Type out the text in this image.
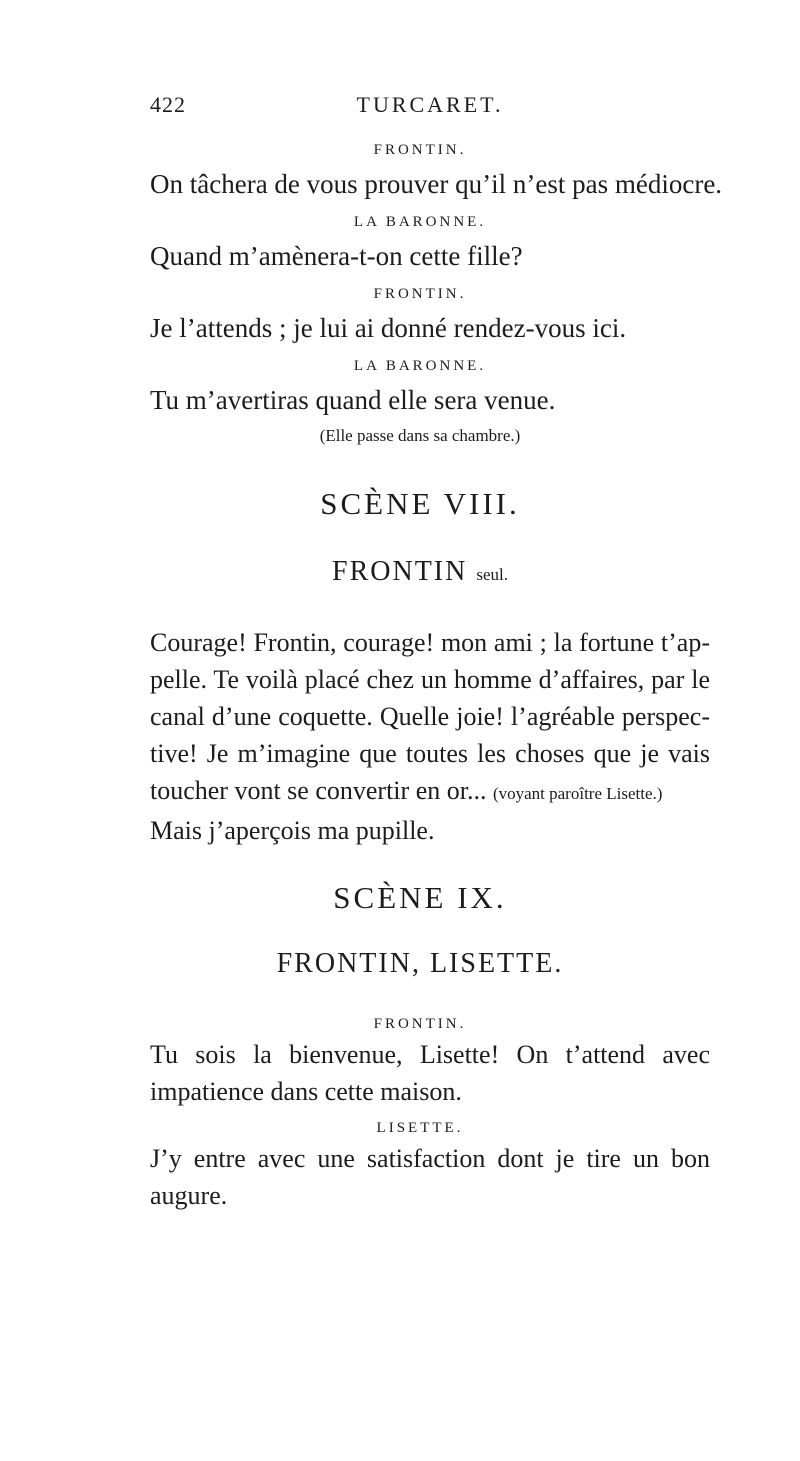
422	TURCARET.
FRONTIN.
On tâchera de vous prouver qu’il n’est pas médiocre.
LA BARONNE.
Quand m’amènera-t-on cette fille?
FRONTIN.
Je l’attends ; je lui ai donné rendez-vous ici.
LA BARONNE.
Tu m’avertiras quand elle sera venue.
(Elle passe dans sa chambre.)
SCÈNE VIII.
FRONTIN seul.
Courage! Frontin, courage! mon ami ; la fortune t’ap-
pelle. Te voilà placé chez un homme d’affaires, par le
canal d’une coquette. Quelle joie! l’agréable perspec-
tive! Je m’imagine que toutes les choses que je vais
toucher vont se convertir en or... (voyant paroître Lisette.)
Mais j’aperçois ma pupille.
SCÈNE IX.
FRONTIN, LISETTE.
FRONTIN.
Tu sois la bienvenue, Lisette! On t’attend avec
impatience dans cette maison.
LISETTE.
J’y entre avec une satisfaction dont je tire un bon
augure.
